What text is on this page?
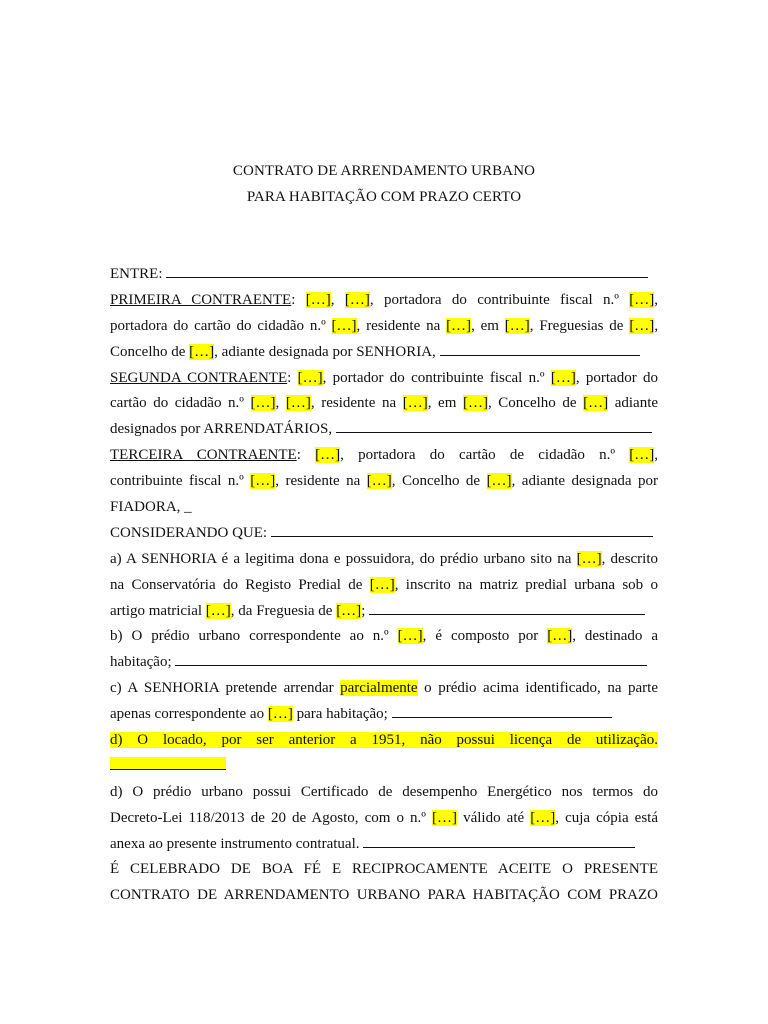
CONTRATO DE ARRENDAMENTO URBANO
PARA HABITAÇÃO COM PRAZO CERTO
ENTRE:
PRIMEIRA CONTRAENTE: […], […], portadora do contribuinte fiscal n.º […],
portadora do cartão do cidadão n.º […], residente na […], em […], Freguesias de […],
Concelho de […], adiante designada por SENHORIA,
SEGUNDA CONTRAENTE: […], portador do contribuinte fiscal n.º […], portador do
cartão do cidadão n.º […], […], residente na […], em […], Concelho de […] adiante
designados por ARRENDATÁRIOS,
TERCEIRA CONTRAENTE: […], portadora do cartão de cidadão n.º […],
contribuinte fiscal n.º […], residente na […], Concelho de […], adiante designada por
FIADORA, _
CONSIDERANDO QUE:
a) A SENHORIA é a legitima dona e possuidora, do prédio urbano sito na […], descrito
na Conservatória do Registo Predial de […], inscrito na matriz predial urbana sob o
artigo matricial […], da Freguesia de […];
b) O prédio urbano correspondente ao n.º […], é composto por […], destinado a
habitação;
c) A SENHORIA pretende arrendar parcialmente o prédio acima identificado, na parte
apenas correspondente ao […] para habitação;
d) O locado, por ser anterior a 1951, não possui licença de utilização.
d) O prédio urbano possui Certificado de desempenho Energético nos termos do
Decreto-Lei 118/2013 de 20 de Agosto, com o n.º […] válido até […], cuja cópia está
anexa ao presente instrumento contratual.
É CELEBRADO DE BOA FÉ E RECIPROCAMENTE ACEITE O PRESENTE
CONTRATO DE ARRENDAMENTO URBANO PARA HABITAÇÃO COM PRAZO
